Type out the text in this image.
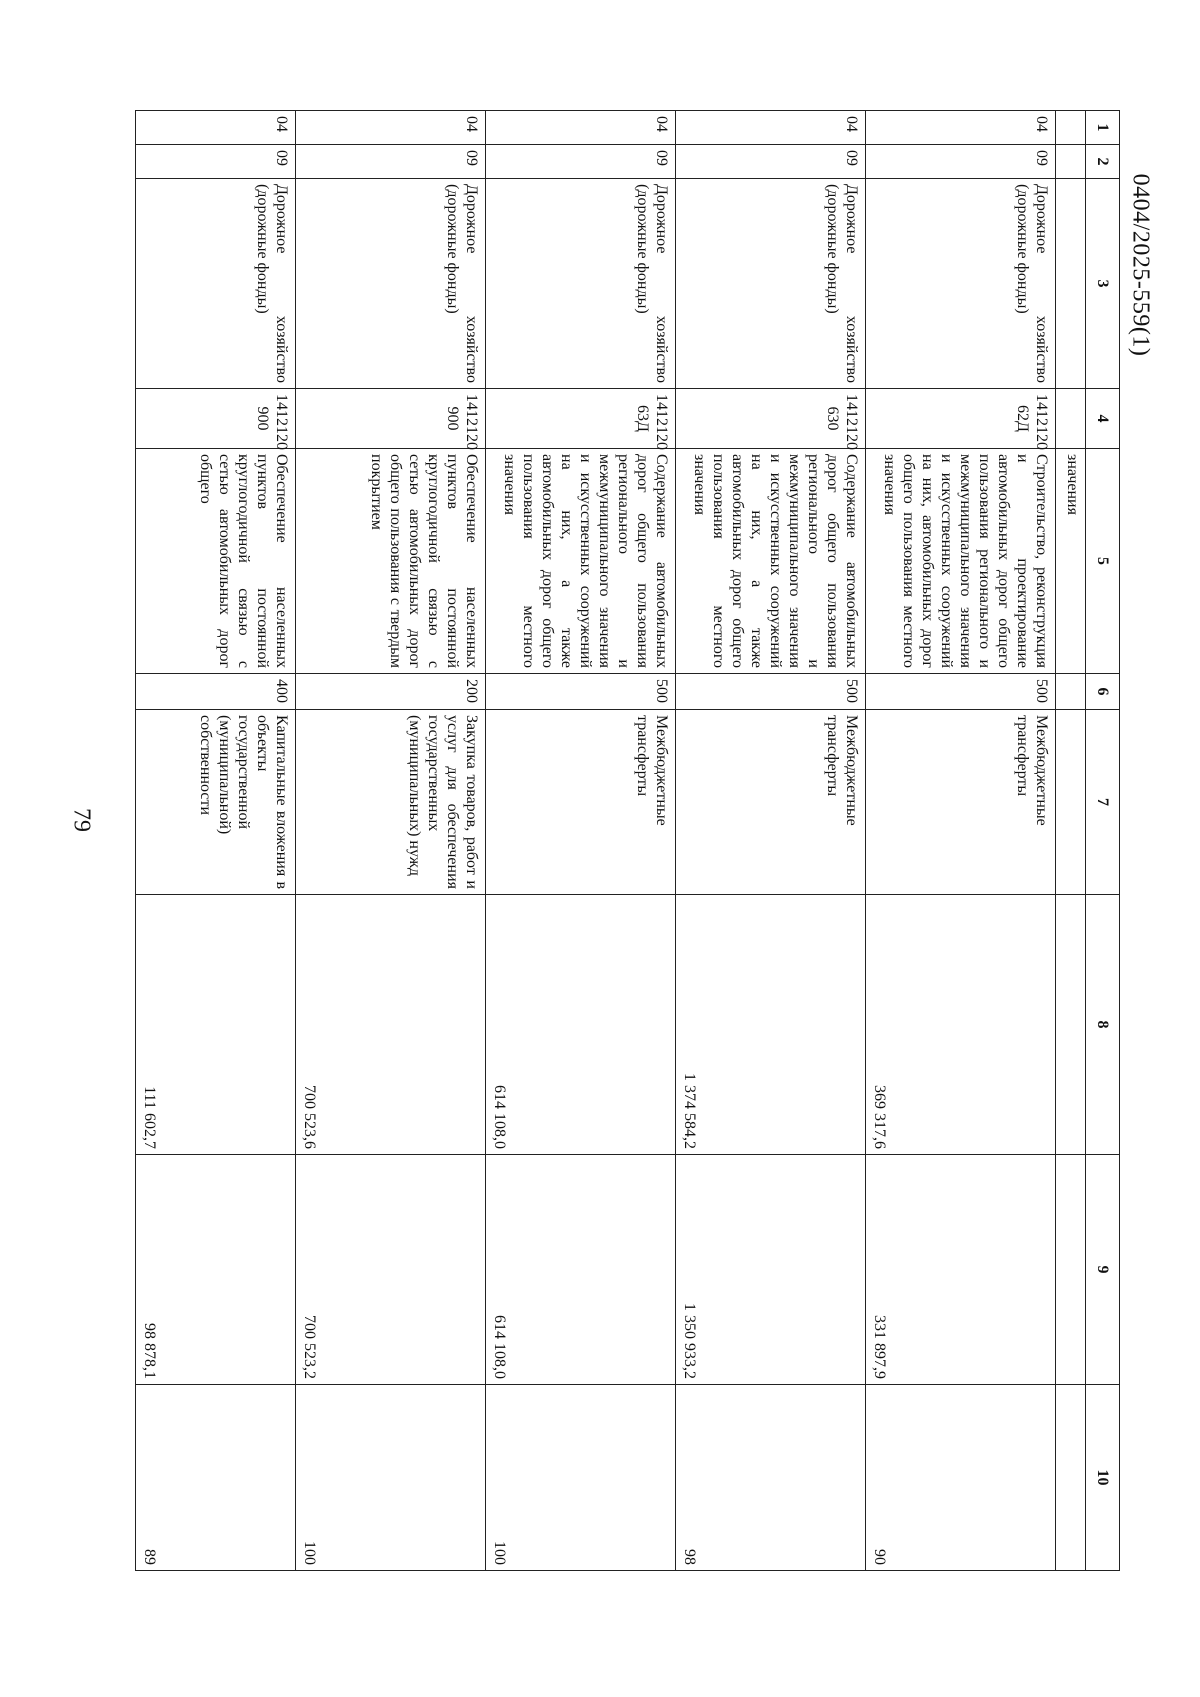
79
0404/2025-559(1)
1	2	3	4	5	6	7	8	9	10
				значения					
04	09	Дорожное хозяйство (дорожные фонды)	1412120 62Д	Строительство, реконструкция и проектирование автомобильных дорог общего пользования регионального и межмуниципального значения и искусственных сооружений на них, автомобильных дорог общего пользования местного значения	500	Межбюджетные трансферты	369 317,6	331 897,9	90
04	09	Дорожное хозяйство (дорожные фонды)	1412120 630	Содержание автомобильных дорог общего пользования регионального и межмуниципального значения и искусственных сооружений на них, а также автомобильных дорог общего пользования местного значения	500	Межбюджетные трансферты	1 374 584,2	1 350 933,2	98
04	09	Дорожное хозяйство (дорожные фонды)	1412120 63Д	Содержание автомобильных дорог общего пользования регионального и межмуниципального значения и искусственных сооружений на них, а также автомобильных дорог общего пользования местного значения	500	Межбюджетные трансферты	614 108,0	614 108,0	100
04	09	Дорожное хозяйство (дорожные фонды)	1412120 900	Обеспечение населенных пунктов постоянной круглогодичной связью с сетью автомобильных дорог общего пользования с твердым покрытием	200	Закупка товаров, работ и услуг для обеспечения государственных (муниципальных) нужд	700 523,6	700 523,2	100
04	09	Дорожное хозяйство (дорожные фонды)	1412120 900	Обеспечение населенных пунктов постоянной круглогодичной связью с сетью автомобильных дорог общего	400	Капитальные вложения в объекты государственной (муниципальной) собственности	111 602,7	98 878,1	89
